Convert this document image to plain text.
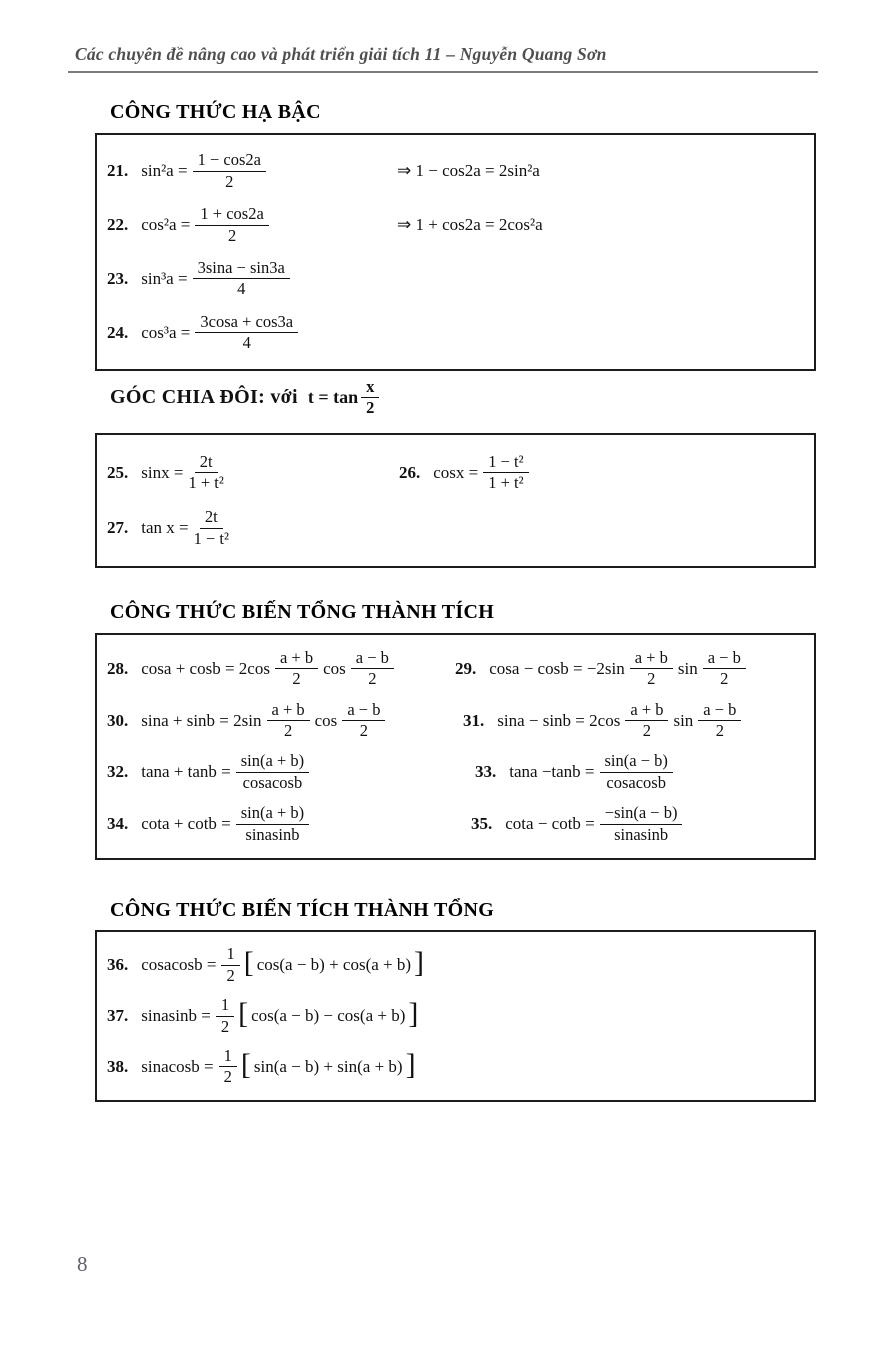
Các chuyên đề nâng cao và phát triển giải tích 11 – Nguyễn Quang Sơn
CÔNG THỨC HẠ BẬC
21. $\sin^2a = \frac{1 - \cos 2a}{2}$	⇒ 1 − cos2a = 2sin²a
22. $\cos^2a = \frac{1 + \cos 2a}{2}$	⇒ 1 + cos2a = 2cos²a
23. $\sin^3a = \frac{3\sin a - \sin 3a}{4}$
24. $\cos^3a = \frac{3\cos a + \cos 3a}{4}$
GÓC CHIA ĐÔI: với $t = \tan \frac{x}{2}$
25. $\sin x = \frac{2t}{\text{1 + t²}}$	26. $\cos x = \frac{\text{1 − t²}}{\text{1 + t²}}$
27. $\tan x = \frac{2t}{\text{1 − t²}}$
CÔNG THỨC BIẾN TỔNG THÀNH TÍCH
28. $\cos a + \cos b = 2\cos \frac{a + b}{2}$ $\cos \frac{a - b}{2}$	29. $\cos a - \cos b = -2\sin \frac{a + b}{2}$ $\sin \frac{a - b}{2}$
30. $\sin a + \sin b = 2\sin \frac{a + b}{2}$ $\cos \frac{a - b}{2}$	31. $\sin a - \sin b = 2\cos \frac{a + b}{2}$ $\sin \frac{a - b}{2}$
32. $\tan a + \tan b = \frac{\sin(a + b)}{\text{cosacosb}}$	33. $\tan a -\tan b = \frac{\sin(a - b)}{\text{cosacosb}}$
34. $\cot a + \cot b = \frac{\sin(a + b)}{\text{sinasinb}}$	35. $\cot a - \cot b = \frac{-\sin(a - b)}{\text{sinasinb}}$
CÔNG THỨC BIẾN TÍCH THÀNH TỔNG
36. cosacosb = $\frac{1}{2}$ [ cos(a − b) + cos(a + b) ]
37. sinasinb = $\frac{1}{2}$ [ cos(a − b) − cos(a + b) ]
38. sinacosb = $\frac{1}{2}$ [ sin(a − b) + sin(a + b) ]
8
